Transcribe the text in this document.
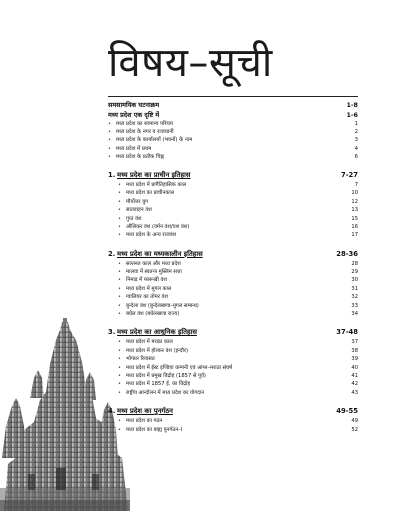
विषय–सूची
समसामयिक घटनाक्रम	1-8
मध्य प्रदेश एक दृष्टि में	1-6
• मध्य प्रदेश का सामान्य परिचय	1
• मध्य प्रदेश के नगर व राजधानी	2
• मध्य प्रदेश के कार्यालयों (भवनों) के नाम	3
• मध्य प्रदेश में प्रथम	4
• मध्य प्रदेश के प्रतीक चिह्न	6
1. मध्य प्रदेश का प्राचीन इतिहास	7-27
• मध्य प्रदेश में प्रागैतिहासिक काल	7
• मध्य प्रदेश का प्राचीनकाल	10
• मौर्योत्तर युग	12
• सातवाहन वंश	13
• गुप्त वंश	15
• औलिकर वंश (वर्मन वंश/यश वंश)	16
• मध्य प्रदेश के अन्य राजवंश	17
2. मध्य प्रदेश का मध्यकालीन इतिहास	28-36
• सल्तनत काल और मध्य प्रदेश	28
• मालवा में स्वतन्त्र मुस्लिम सत्ता	29
• निमाड़ में फारूखी वंश	30
• मध्य प्रदेश में मुगल काल	31
• ग्वालियर का तोमर वंश	32
• बुन्देला वंश (बुन्देलखण्ड–मुगल सम्बन्ध)	33
• बघेल वंश (बघेलखण्ड राज्य)	34
3. मध्य प्रदेश का आधुनिक इतिहास	37-48
• मध्य प्रदेश में मराठा काल	37
• मध्य प्रदेश में होल्कर वंश (इन्दौर)	38
• भोपाल रियासत	39
• मध्य प्रदेश में ईस्ट इण्डिया कम्पनी एवं आंग्ल–मराठा संघर्ष	40
• मध्य प्रदेश में प्रमुख विद्रोह (1857 से पूर्व)	41
• मध्य प्रदेश में 1857 ई. का विद्रोह	42
• राष्ट्रीय आन्दोलन में मध्य प्रदेश का योगदान	43
4. मध्य प्रदेश का पुनर्गठन	49-55
• मध्य प्रदेश का गठन	49
• मध्य प्रदेश का बाह्य पुनर्गठन–I	52
